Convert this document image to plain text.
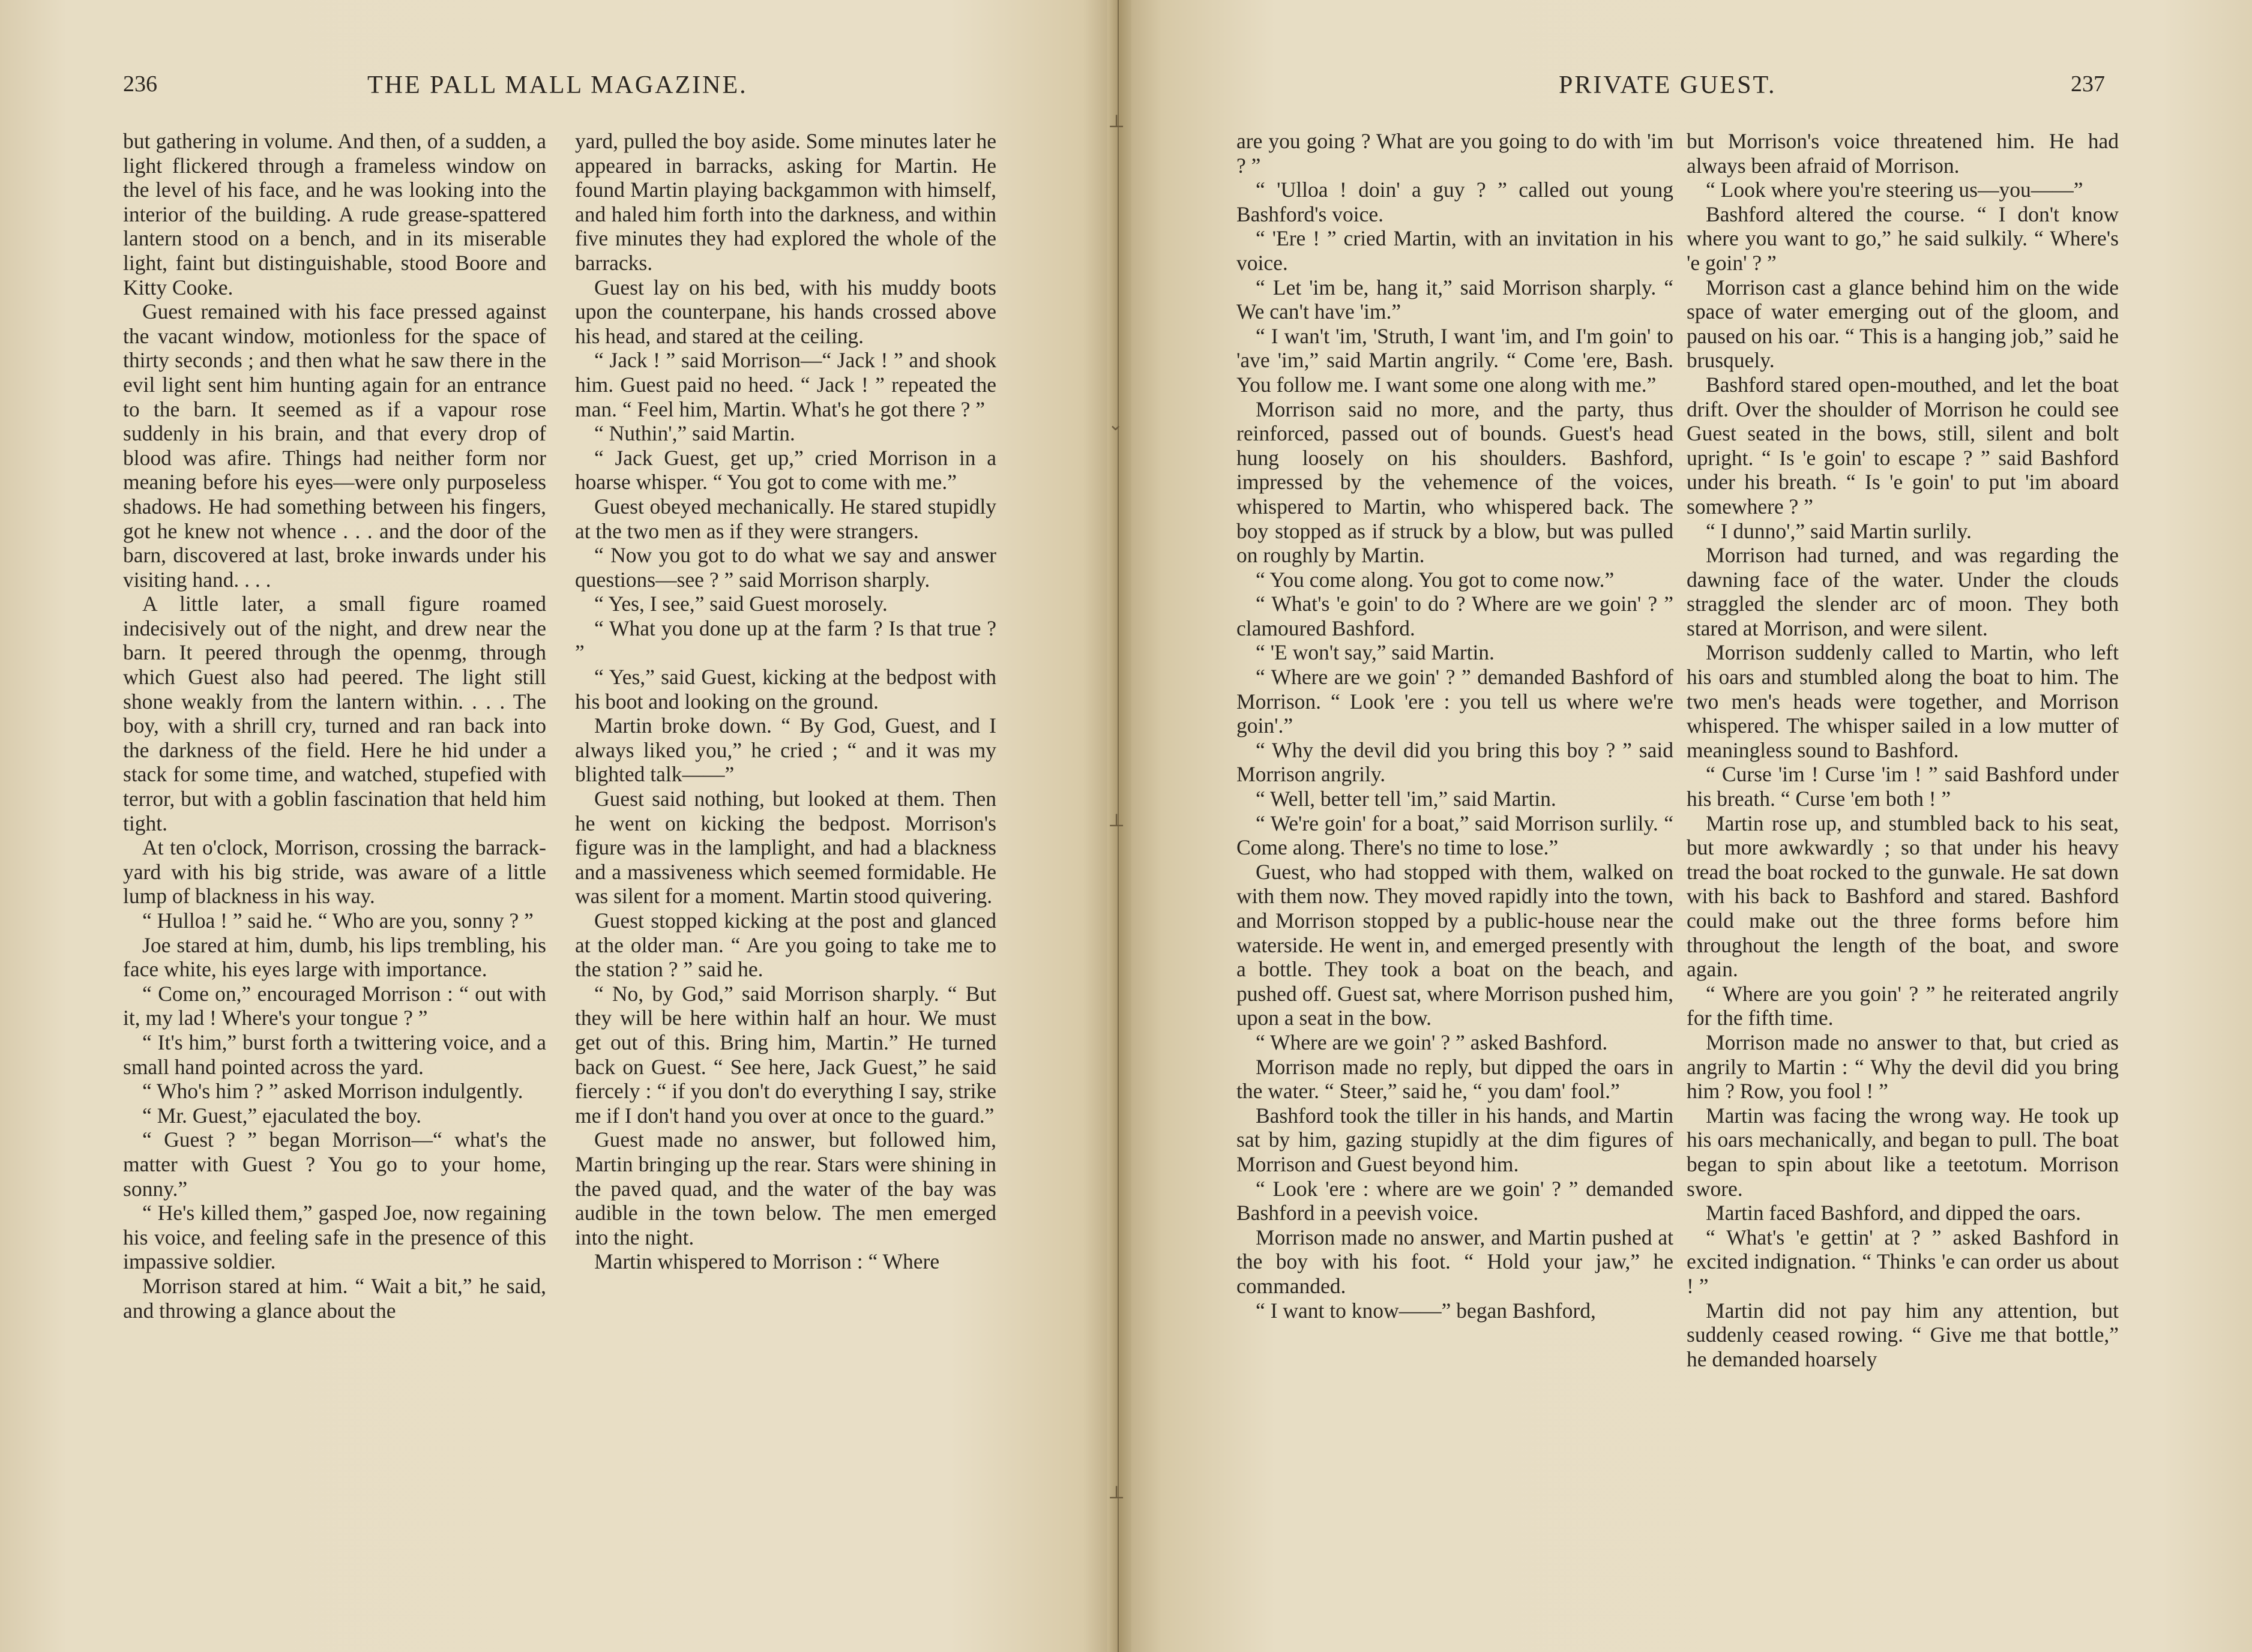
236	THE PALL MALL MAGAZINE.

but gathering in volume. And then, of a sudden, a light flickered through a frameless window on the level of his face, and he was looking into the interior of the building. A rude grease-spattered lantern stood on a bench, and in its miserable light, faint but distinguishable, stood Boore and Kitty Cooke.

Guest remained with his face pressed against the vacant window, motionless for the space of thirty seconds ; and then what he saw there in the evil light sent him hunting again for an entrance to the barn. It seemed as if a vapour rose suddenly in his brain, and that every drop of blood was afire. Things had neither form nor meaning before his eyes—were only purposeless shadows. He had something between his fingers, got he knew not whence . . . and the door of the barn, discovered at last, broke inwards under his visiting hand. . . .

A little later, a small figure roamed indecisively out of the night, and drew near the barn. It peered through the openmg, through which Guest also had peered. The light still shone weakly from the lantern within. . . . The boy, with a shrill cry, turned and ran back into the darkness of the field. Here he hid under a stack for some time, and watched, stupefied with terror, but with a goblin fascination that held him tight.

At ten o'clock, Morrison, crossing the barrack-yard with his big stride, was aware of a little lump of blackness in his way.

“ Hulloa ! ” said he. “ Who are you, sonny ? ”

Joe stared at him, dumb, his lips trembling, his face white, his eyes large with importance.

“ Come on,” encouraged Morrison : “ out with it, my lad ! Where's your tongue ? ”

“ It's him,” burst forth a twittering voice, and a small hand pointed across the yard.

“ Who's him ? ” asked Morrison indulgently.

“ Mr. Guest,” ejaculated the boy.

“ Guest ? ” began Morrison—“ what's the matter with Guest ? You go to your home, sonny.”

“ He's killed them,” gasped Joe, now regaining his voice, and feeling safe in the presence of this impassive soldier.

Morrison stared at him. “ Wait a bit,” he said, and throwing a glance about the

yard, pulled the boy aside. Some minutes later he appeared in barracks, asking for Martin. He found Martin playing backgammon with himself, and haled him forth into the darkness, and within five minutes they had explored the whole of the barracks.

Guest lay on his bed, with his muddy boots upon the counterpane, his hands crossed above his head, and stared at the ceiling.

“ Jack ! ” said Morrison—“ Jack ! ” and shook him. Guest paid no heed. “ Jack ! ” repeated the man. “ Feel him, Martin. What's he got there ? ”

“ Nuthin',” said Martin.

“ Jack Guest, get up,” cried Morrison in a hoarse whisper. “ You got to come with me.”

Guest obeyed mechanically. He stared stupidly at the two men as if they were strangers.

“ Now you got to do what we say and answer questions—see ? ” said Morrison sharply.

“ Yes, I see,” said Guest morosely.

“ What you done up at the farm ? Is that true ? ”

“ Yes,” said Guest, kicking at the bedpost with his boot and looking on the ground.

Martin broke down. “ By God, Guest, and I always liked you,” he cried ; “ and it was my blighted talk——”

Guest said nothing, but looked at them. Then he went on kicking the bedpost. Morrison's figure was in the lamplight, and had a blackness and a massiveness which seemed formidable. He was silent for a moment. Martin stood quivering.

Guest stopped kicking at the post and glanced at the older man. “ Are you going to take me to the station ? ” said he.

“ No, by God,” said Morrison sharply. “ But they will be here within half an hour. We must get out of this. Bring him, Martin.” He turned back on Guest. “ See here, Jack Guest,” he said fiercely : “ if you don't do everything I say, strike me if I don't hand you over at once to the guard.”

Guest made no answer, but followed him, Martin bringing up the rear. Stars were shining in the paved quad, and the water of the bay was audible in the town below. The men emerged into the night.

Martin whispered to Morrison : “ Where

PRIVATE GUEST.	237

are you going ? What are you going to do with 'im ? ”

“ 'Ulloa ! doin' a guy ? ” called out young Bashford's voice.

“ 'Ere ! ” cried Martin, with an invitation in his voice.

“ Let 'im be, hang it,” said Morrison sharply. “ We can't have 'im.”

“ I wan't 'im, 'Struth, I want 'im, and I'm goin' to 'ave 'im,” said Martin angrily. “ Come 'ere, Bash. You follow me. I want some one along with me.”

Morrison said no more, and the party, thus reinforced, passed out of bounds. Guest's head hung loosely on his shoulders. Bashford, impressed by the vehemence of the voices, whispered to Martin, who whispered back. The boy stopped as if struck by a blow, but was pulled on roughly by Martin.

“ You come along. You got to come now.”

“ What's 'e goin' to do ? Where are we goin' ? ” clamoured Bashford.

“ 'E won't say,” said Martin.

“ Where are we goin' ? ” demanded Bashford of Morrison. “ Look 'ere : you tell us where we're goin'.”

“ Why the devil did you bring this boy ? ” said Morrison angrily.

“ Well, better tell 'im,” said Martin.

“ We're goin' for a boat,” said Morrison surlily. “ Come along. There's no time to lose.”

Guest, who had stopped with them, walked on with them now. They moved rapidly into the town, and Morrison stopped by a public-house near the waterside. He went in, and emerged presently with a bottle. They took a boat on the beach, and pushed off. Guest sat, where Morrison pushed him, upon a seat in the bow.

“ Where are we goin' ? ” asked Bashford.

Morrison made no reply, but dipped the oars in the water. “ Steer,” said he, “ you dam' fool.”

Bashford took the tiller in his hands, and Martin sat by him, gazing stupidly at the dim figures of Morrison and Guest beyond him.

“ Look 'ere : where are we goin' ? ” demanded Bashford in a peevish voice.

Morrison made no answer, and Martin pushed at the boy with his foot. “ Hold your jaw,” he commanded.

“ I want to know——” began Bashford,

but Morrison's voice threatened him. He had always been afraid of Morrison.

“ Look where you're steering us—you——”

Bashford altered the course. “ I don't know where you want to go,” he said sulkily. “ Where's 'e goin' ? ”

Morrison cast a glance behind him on the wide space of water emerging out of the gloom, and paused on his oar. “ This is a hanging job,” said he brusquely.

Bashford stared open-mouthed, and let the boat drift. Over the shoulder of Morrison he could see Guest seated in the bows, still, silent and bolt upright. “ Is 'e goin' to escape ? ” said Bashford under his breath. “ Is 'e goin' to put 'im aboard somewhere ? ”

“ I dunno',” said Martin surlily.

Morrison had turned, and was regarding the dawning face of the water. Under the clouds straggled the slender arc of moon. They both stared at Morrison, and were silent.

Morrison suddenly called to Martin, who left his oars and stumbled along the boat to him. The two men's heads were together, and Morrison whispered. The whisper sailed in a low mutter of meaningless sound to Bashford.

“ Curse 'im ! Curse 'im ! ” said Bashford under his breath. “ Curse 'em both ! ”

Martin rose up, and stumbled back to his seat, but more awkwardly ; so that under his heavy tread the boat rocked to the gunwale. He sat down with his back to Bashford and stared. Bashford could make out the three forms before him throughout the length of the boat, and swore again.

“ Where are you goin' ? ” he reiterated angrily for the fifth time.

Morrison made no answer to that, but cried as angrily to Martin : “ Why the devil did you bring him ? Row, you fool ! ”

Martin was facing the wrong way. He took up his oars mechanically, and began to pull. The boat began to spin about like a teetotum. Morrison swore.

Martin faced Bashford, and dipped the oars.

“ What's 'e gettin' at ? ” asked Bashford in excited indignation. “ Thinks 'e can order us about ! ”

Martin did not pay him any attention, but suddenly ceased rowing. “ Give me that bottle,” he demanded hoarsely

⊥
⌄
⊥
⊥
